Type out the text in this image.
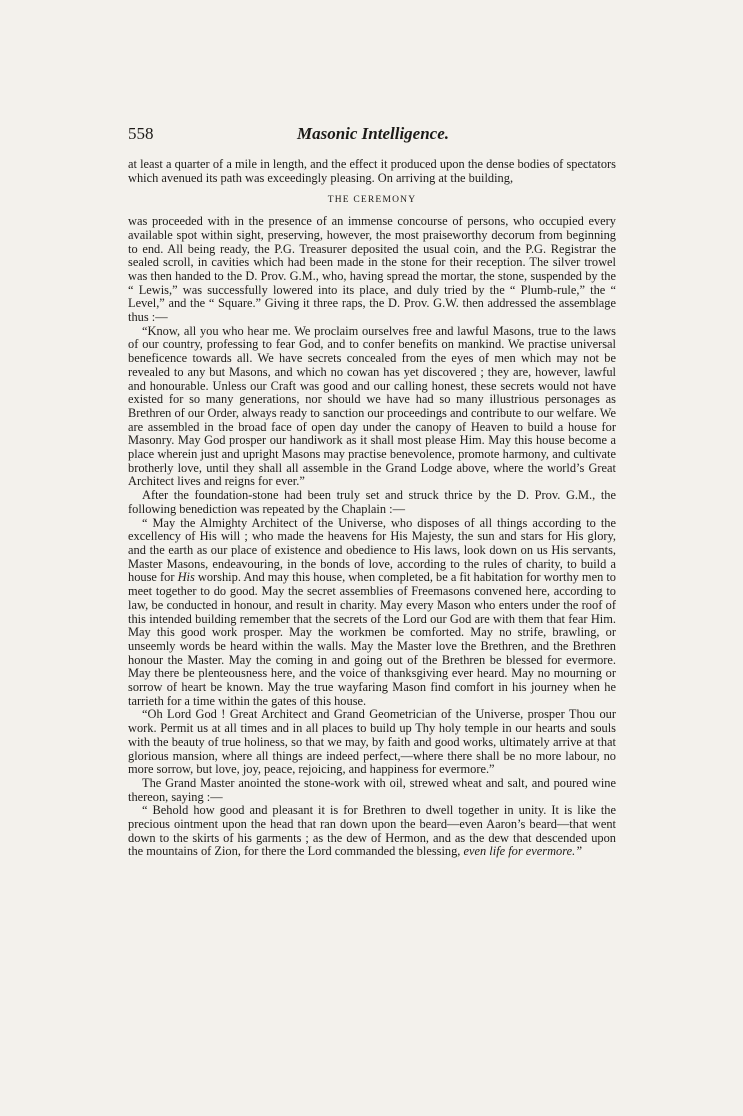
558	Masonic Intelligence.

at least a quarter of a mile in length, and the effect it produced upon the dense bodies of spectators which avenued its path was exceedingly pleasing. On arriving at the building,

THE CEREMONY

was proceeded with in the presence of an immense concourse of persons, who occupied every available spot within sight, preserving, however, the most praiseworthy decorum from beginning to end. All being ready, the P.G. Treasurer deposited the usual coin, and the P.G. Registrar the sealed scroll, in cavities which had been made in the stone for their reception. The silver trowel was then handed to the D. Prov. G.M., who, having spread the mortar, the stone, suspended by the “ Lewis,” was successfully lowered into its place, and duly tried by the “ Plumb-rule,” the “ Level,” and the “ Square.” Giving it three raps, the D. Prov. G.W. then addressed the assemblage thus :—

“Know, all you who hear me. We proclaim ourselves free and lawful Masons, true to the laws of our country, professing to fear God, and to confer benefits on mankind. We practise universal beneficence towards all. We have secrets concealed from the eyes of men which may not be revealed to any but Masons, and which no cowan has yet discovered ; they are, however, lawful and honourable. Unless our Craft was good and our calling honest, these secrets would not have existed for so many generations, nor should we have had so many illustrious personages as Brethren of our Order, always ready to sanction our proceedings and contribute to our welfare. We are assembled in the broad face of open day under the canopy of Heaven to build a house for Masonry. May God prosper our handiwork as it shall most please Him. May this house become a place wherein just and upright Masons may practise benevolence, promote harmony, and cultivate brotherly love, until they shall all assemble in the Grand Lodge above, where the world’s Great Architect lives and reigns for ever.”

After the foundation-stone had been truly set and struck thrice by the D. Prov. G.M., the following benediction was repeated by the Chaplain :—

“ May the Almighty Architect of the Universe, who disposes of all things according to the excellency of His will ; who made the heavens for His Majesty, the sun and stars for His glory, and the earth as our place of existence and obedience to His laws, look down on us His servants, Master Masons, endeavouring, in the bonds of love, according to the rules of charity, to build a house for His worship. And may this house, when completed, be a fit habitation for worthy men to meet together to do good. May the secret assemblies of Freemasons convened here, according to law, be conducted in honour, and result in charity. May every Mason who enters under the roof of this intended building remember that the secrets of the Lord our God are with them that fear Him. May this good work prosper. May the workmen be comforted. May no strife, brawling, or unseemly words be heard within the walls. May the Master love the Brethren, and the Brethren honour the Master. May the coming in and going out of the Brethren be blessed for evermore. May there be plenteousness here, and the voice of thanksgiving ever heard. May no mourning or sorrow of heart be known. May the true wayfaring Mason find comfort in his journey when he tarrieth for a time within the gates of this house.

“Oh Lord God ! Great Architect and Grand Geometrician of the Universe, prosper Thou our work. Permit us at all times and in all places to build up Thy holy temple in our hearts and souls with the beauty of true holiness, so that we may, by faith and good works, ultimately arrive at that glorious mansion, where all things are indeed perfect,—where there shall be no more labour, no more sorrow, but love, joy, peace, rejoicing, and happiness for evermore.”

The Grand Master anointed the stone-work with oil, strewed wheat and salt, and poured wine thereon, saying :—

“ Behold how good and pleasant it is for Brethren to dwell together in unity. It is like the precious ointment upon the head that ran down upon the beard—even Aaron’s beard—that went down to the skirts of his garments ; as the dew of Hermon, and as the dew that descended upon the mountains of Zion, for there the Lord commanded the blessing, even life for evermore.”
